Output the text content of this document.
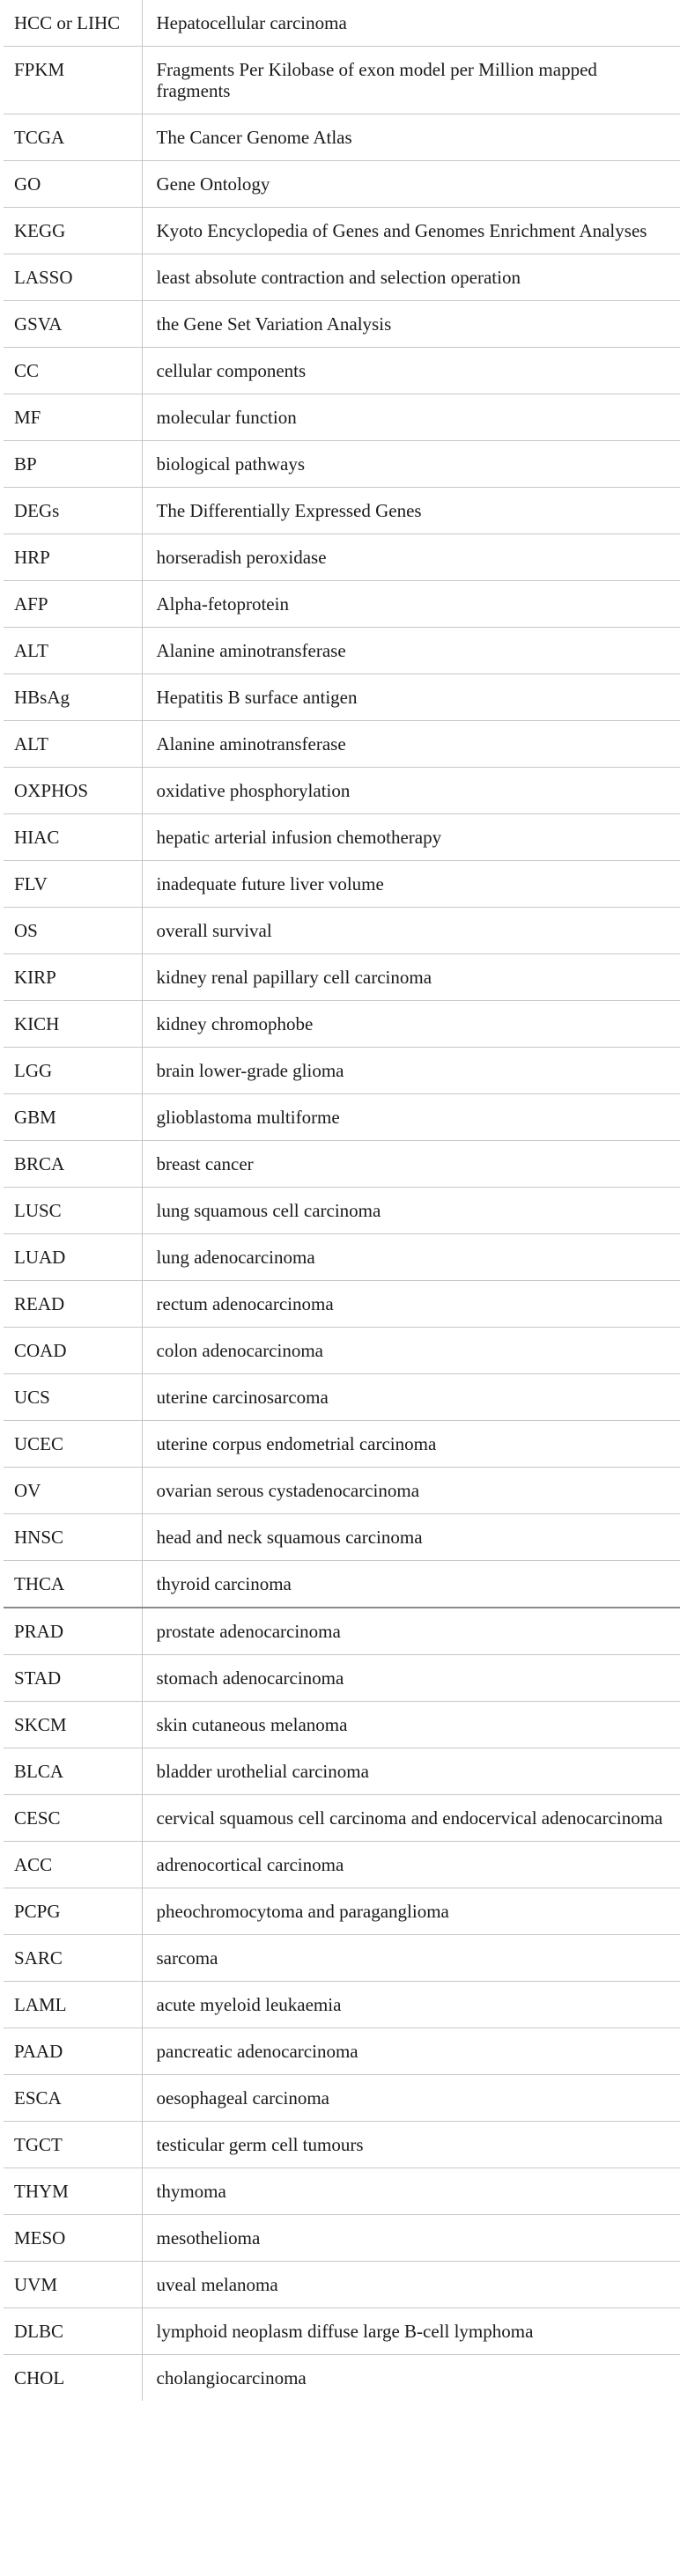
HCC or LIHC	Hepatocellular carcinoma
FPKM	Fragments Per Kilobase of exon model per Million mapped fragments
TCGA	The Cancer Genome Atlas
GO	Gene Ontology
KEGG	Kyoto Encyclopedia of Genes and Genomes Enrichment Analyses
LASSO	least absolute contraction and selection operation
GSVA	the Gene Set Variation Analysis
CC	cellular components
MF	molecular function
BP	biological pathways
DEGs	The Differentially Expressed Genes
HRP	horseradish peroxidase
AFP	Alpha-fetoprotein
ALT	Alanine aminotransferase
HBsAg	Hepatitis B surface antigen
ALT	Alanine aminotransferase
OXPHOS	oxidative phosphorylation
HIAC	hepatic arterial infusion chemotherapy
FLV	inadequate future liver volume
OS	overall survival
KIRP	kidney renal papillary cell carcinoma
KICH	kidney chromophobe
LGG	brain lower-grade glioma
GBM	glioblastoma multiforme
BRCA	breast cancer
LUSC	lung squamous cell carcinoma
LUAD	lung adenocarcinoma
READ	rectum adenocarcinoma
COAD	colon adenocarcinoma
UCS	uterine carcinosarcoma
UCEC	uterine corpus endometrial carcinoma
OV	ovarian serous cystadenocarcinoma
HNSC	head and neck squamous carcinoma
THCA	thyroid carcinoma
PRAD	prostate adenocarcinoma
STAD	stomach adenocarcinoma
SKCM	skin cutaneous melanoma
BLCA	bladder urothelial carcinoma
CESC	cervical squamous cell carcinoma and endocervical adenocarcinoma
ACC	adrenocortical carcinoma
PCPG	pheochromocytoma and paraganglioma
SARC	sarcoma
LAML	acute myeloid leukaemia
PAAD	pancreatic adenocarcinoma
ESCA	oesophageal carcinoma
TGCT	testicular germ cell tumours
THYM	thymoma
MESO	mesothelioma
UVM	uveal melanoma
DLBC	lymphoid neoplasm diffuse large B-cell lymphoma
CHOL	cholangiocarcinoma
